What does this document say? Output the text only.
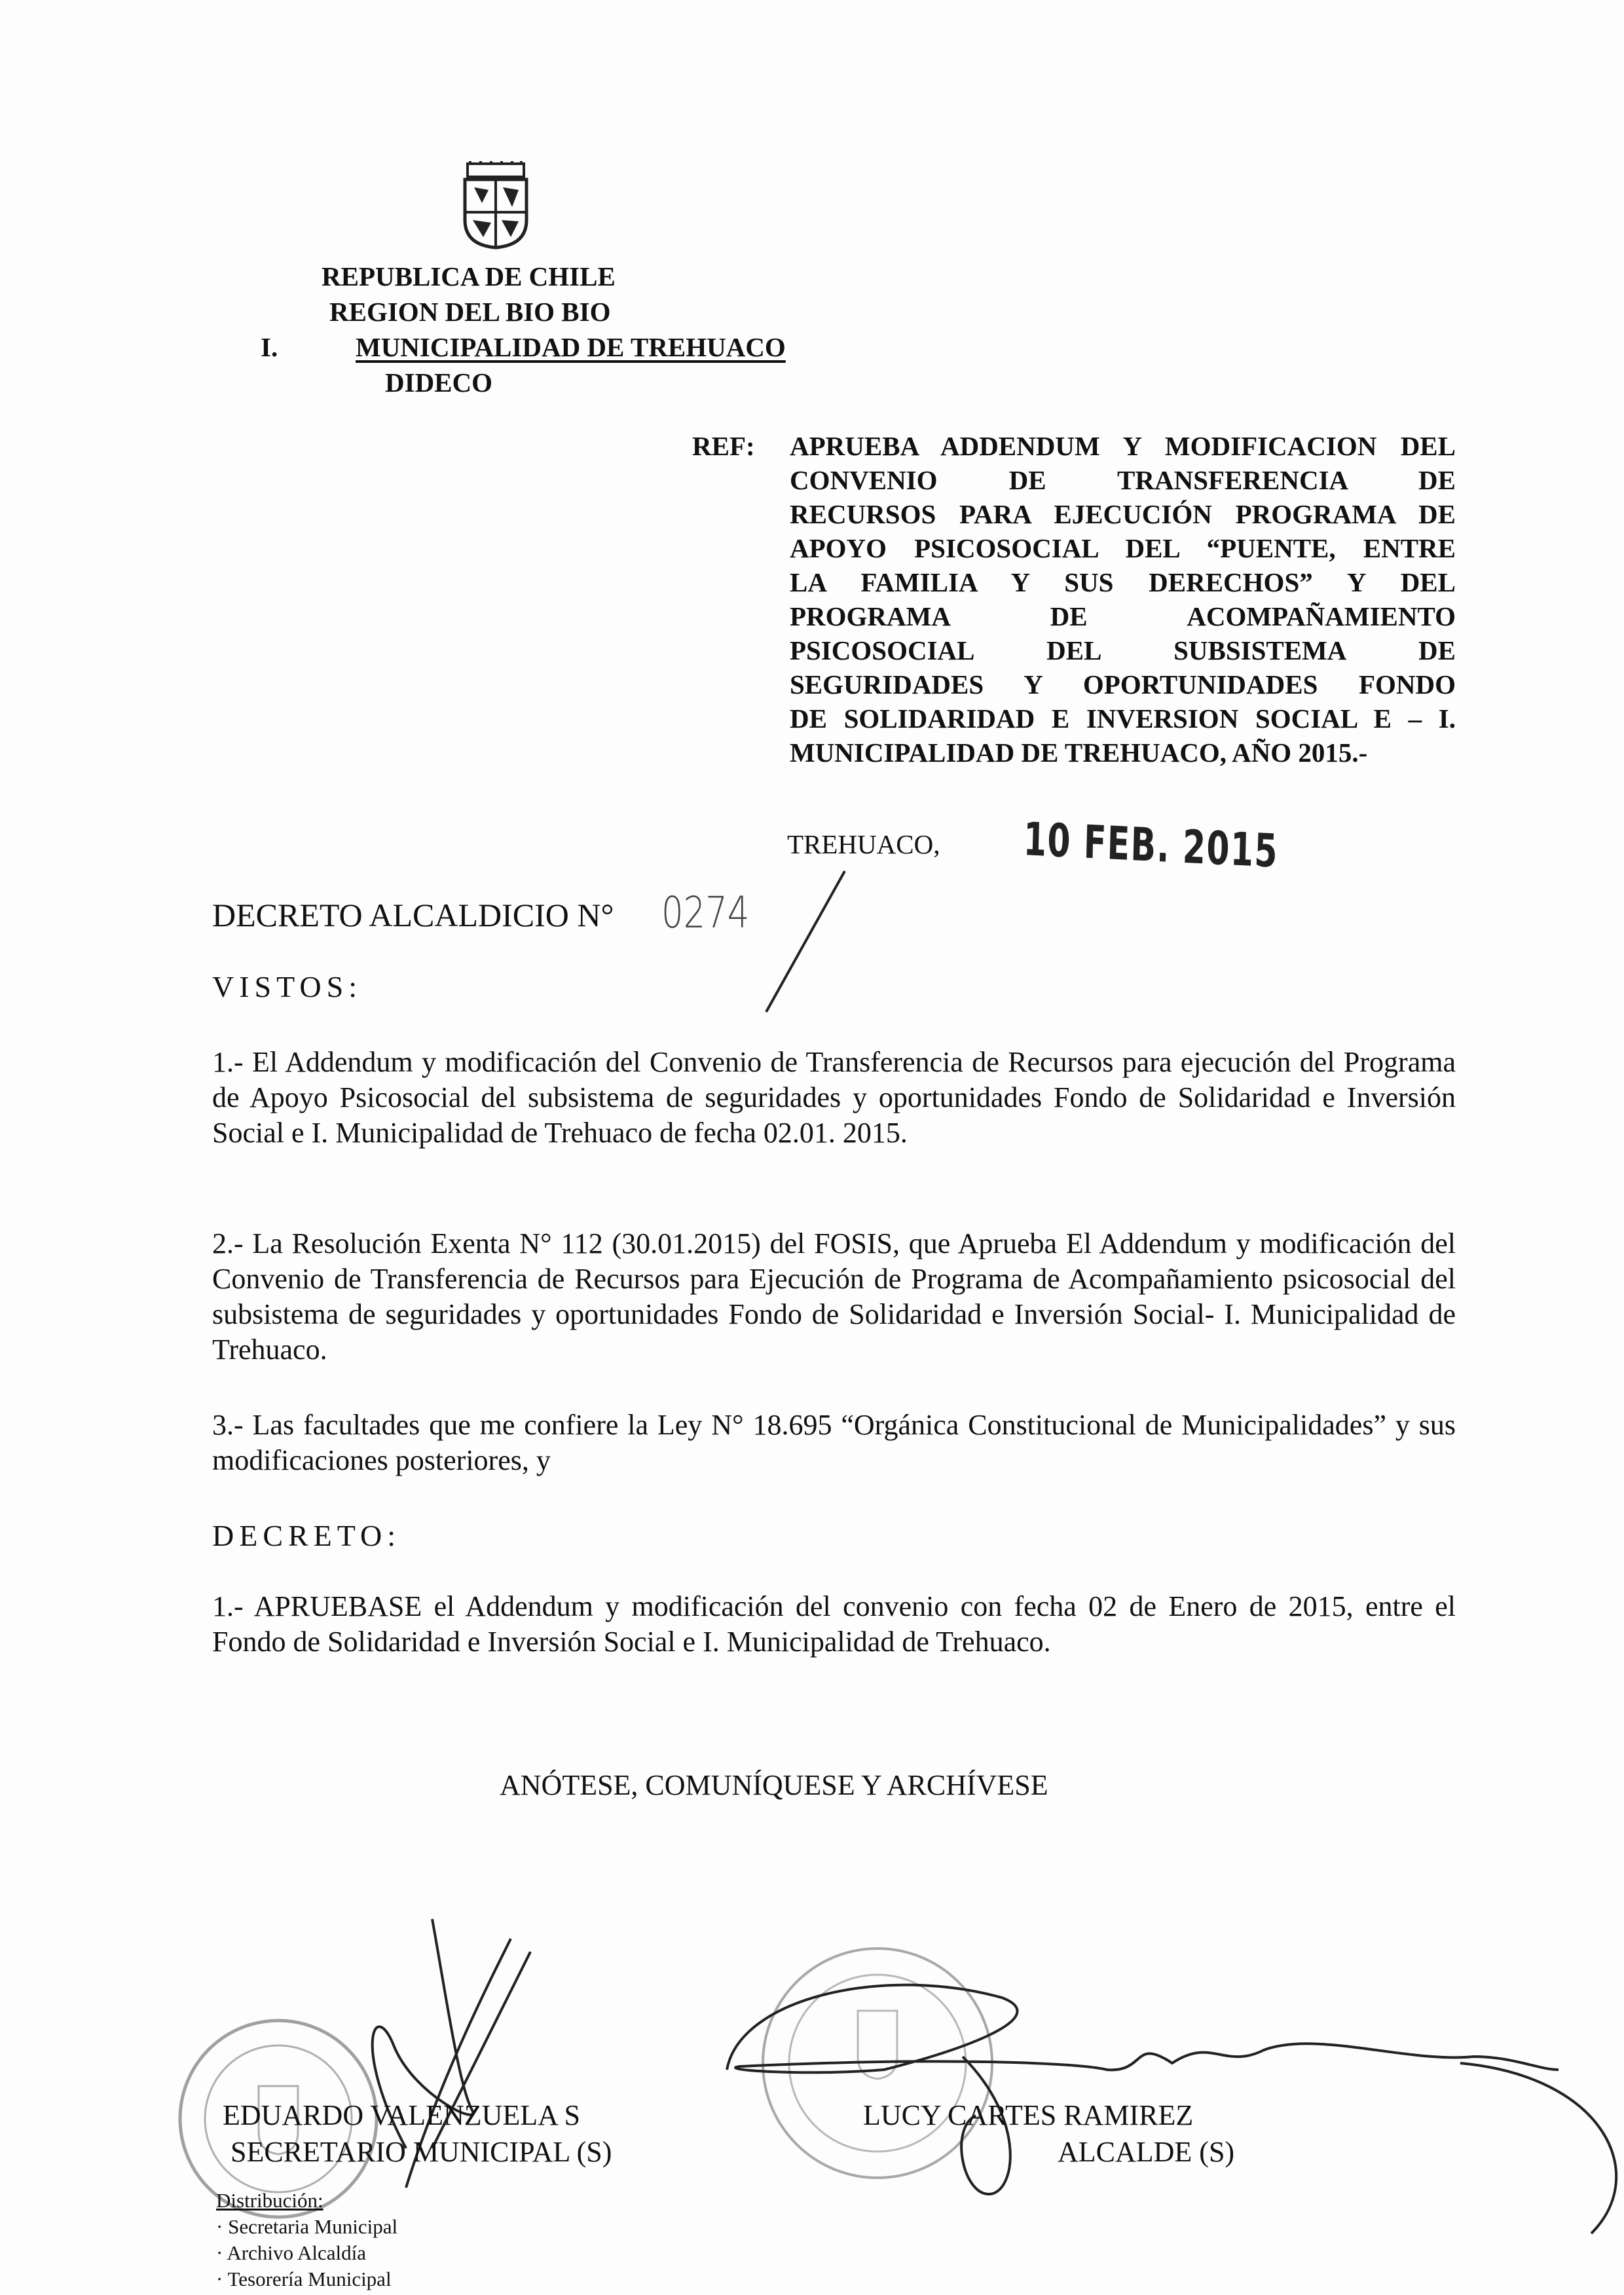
REPUBLICA DE CHILE
REGION DEL BIO BIO
I.	MUNICIPALIDAD DE TREHUACO
DIDECO
REF: APRUEBA ADDENDUM Y MODIFICACION DEL
CONVENIO DE TRANSFERENCIA DE
RECURSOS PARA EJECUCIÓN PROGRAMA DE
APOYO PSICOSOCIAL DEL “PUENTE, ENTRE
LA FAMILIA Y SUS DERECHOS” Y DEL
PROGRAMA DE ACOMPAÑAMIENTO
PSICOSOCIAL DEL SUBSISTEMA DE
SEGURIDADES Y OPORTUNIDADES FONDO
DE SOLIDARIDAD E INVERSION SOCIAL E – I.
MUNICIPALIDAD DE TREHUACO, AÑO 2015.-
TREHUACO, 10 FEB. 2015
DECRETO ALCALDICIO N° 0274
VISTOS:
1.- El Addendum y modificación del Convenio de Transferencia de Recursos para ejecución del Programa de Apoyo Psicosocial del subsistema de seguridades y oportunidades Fondo de Solidaridad e Inversión Social e I. Municipalidad de Trehuaco de fecha 02.01. 2015.
2.- La Resolución Exenta N° 112 (30.01.2015) del FOSIS, que Aprueba El Addendum y modificación del Convenio de Transferencia de Recursos para Ejecución de Programa de Acompañamiento psicosocial del subsistema de seguridades y oportunidades Fondo de Solidaridad e Inversión Social- I. Municipalidad de Trehuaco.
3.- Las facultades que me confiere la Ley N° 18.695 “Orgánica Constitucional de Municipalidades” y sus modificaciones posteriores, y
DECRETO:
1.- APRUEBASE el Addendum y modificación del convenio con fecha 02 de Enero de 2015, entre el Fondo de Solidaridad e Inversión Social e I. Municipalidad de Trehuaco.
ANÓTESE, COMUNÍQUESE Y ARCHÍVESE
EDUARDO VALENZUELA S
SECRETARIO MUNICIPAL (S)
LUCY CARTES RAMIREZ
ALCALDE (S)
Distribución:
· Secretaria Municipal
· Archivo Alcaldía
· Tesorería Municipal
